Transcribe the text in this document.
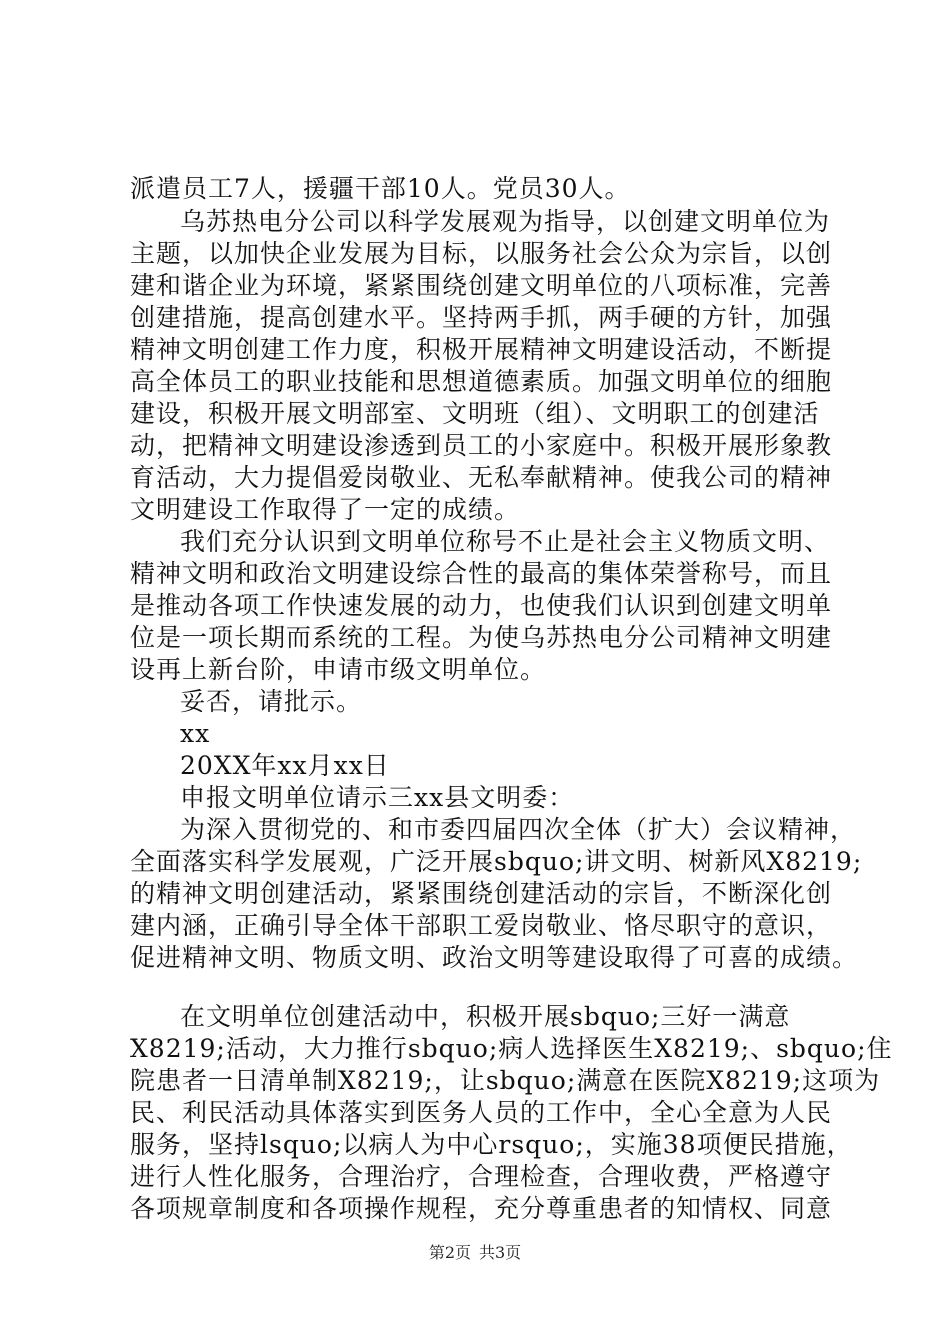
派遣员工7人，援疆干部10人。党员30人。
乌苏热电分公司以科学发展观为指导，以创建文明单位为
主题，以加快企业发展为目标，以服务社会公众为宗旨，以创
建和谐企业为环境，紧紧围绕创建文明单位的八项标准，完善
创建措施，提高创建水平。坚持两手抓，两手硬的方针，加强
精神文明创建工作力度，积极开展精神文明建设活动，不断提
高全体员工的职业技能和思想道德素质。加强文明单位的细胞
建设，积极开展文明部室、文明班（组）、文明职工的创建活
动，把精神文明建设渗透到员工的小家庭中。积极开展形象教
育活动，大力提倡爱岗敬业、无私奉献精神。使我公司的精神
文明建设工作取得了一定的成绩。
我们充分认识到文明单位称号不止是社会主义物质文明、
精神文明和政治文明建设综合性的最高的集体荣誉称号，而且
是推动各项工作快速发展的动力，也使我们认识到创建文明单
位是一项长期而系统的工程。为使乌苏热电分公司精神文明建
设再上新台阶，申请市级文明单位。
妥否，请批示。
xx
20XX年xx月xx日
申报文明单位请示三xx县文明委：
为深入贯彻党的、和市委四届四次全体（扩大）会议精神，
全面落实科学发展观，广泛开展sbquo;讲文明、树新风X8219;
的精神文明创建活动，紧紧围绕创建活动的宗旨，不断深化创
建内涵，正确引导全体干部职工爱岗敬业、恪尽职守的意识，
促进精神文明、物质文明、政治文明等建设取得了可喜的成绩。
在文明单位创建活动中，积极开展sbquo;三好一满意
X8219;活动，大力推行sbquo;病人选择医生X8219;、sbquo;住
院患者一日清单制X8219;，让sbquo;满意在医院X8219;这项为
民、利民活动具体落实到医务人员的工作中，全心全意为人民
服务，坚持lsquo;以病人为中心rsquo;，实施38项便民措施，
进行人性化服务，合理治疗，合理检查，合理收费，严格遵守
各项规章制度和各项操作规程，充分尊重患者的知情权、同意
第2页 共3页
